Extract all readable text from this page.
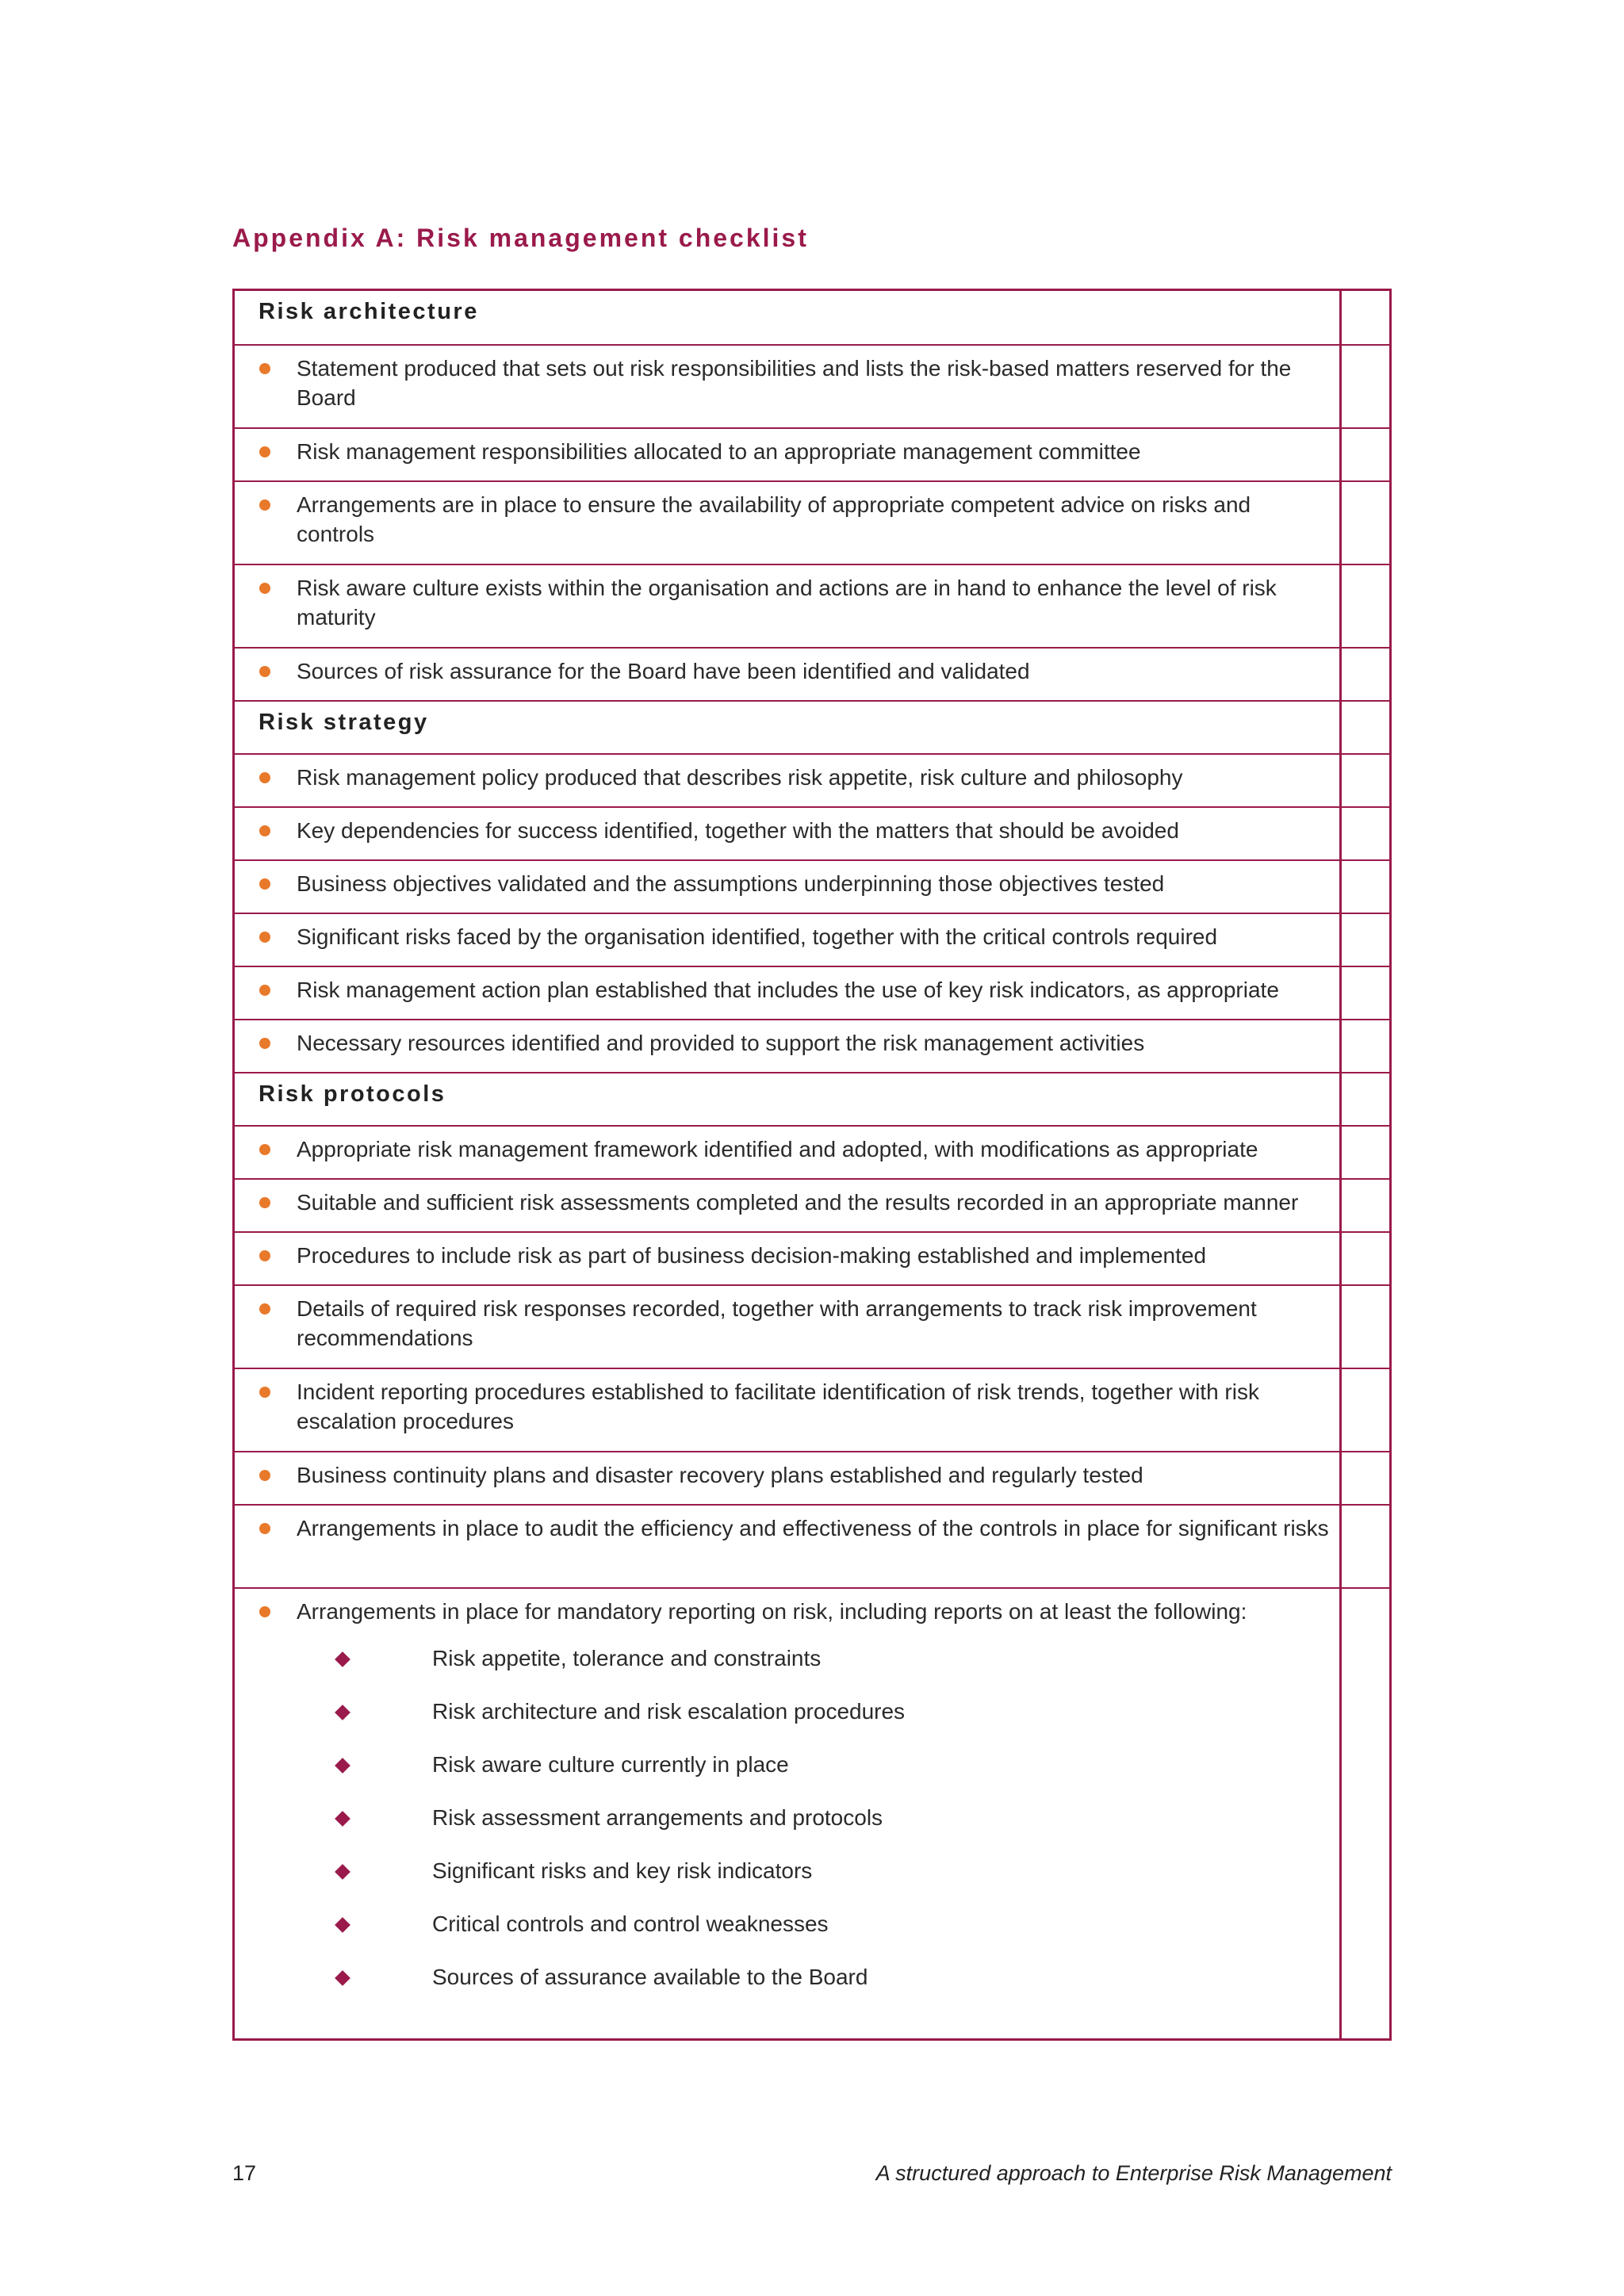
Appendix A: Risk management checklist
Risk architecture
Statement produced that sets out risk responsibilities and lists the risk-based matters reserved for the Board
Risk management responsibilities allocated to an appropriate management committee
Arrangements are in place to ensure the availability of appropriate competent advice on risks and controls
Risk aware culture exists within the organisation and actions are in hand to enhance the level of risk maturity
Sources of risk assurance for the Board have been identified and validated
Risk strategy
Risk management policy produced that describes risk appetite, risk culture and philosophy
Key dependencies for success identified, together with the matters that should be avoided
Business objectives validated and the assumptions underpinning those objectives tested
Significant risks faced by the organisation identified, together with the critical controls required
Risk management action plan established that includes the use of key risk indicators, as appropriate
Necessary resources identified and provided to support the risk management activities
Risk protocols
Appropriate risk management framework identified and adopted, with modifications as appropriate
Suitable and sufficient risk assessments completed and the results recorded in an appropriate manner
Procedures to include risk as part of business decision-making established and implemented
Details of required risk responses recorded, together with arrangements to track risk improvement recommendations
Incident reporting procedures established to facilitate identification of risk trends, together with risk escalation procedures
Business continuity plans and disaster recovery plans established and regularly tested
Arrangements in place to audit the efficiency and effectiveness of the controls in place for significant risks
Arrangements in place for mandatory reporting on risk, including reports on at least the following:
Risk appetite, tolerance and constraints
Risk architecture and risk escalation procedures
Risk aware culture currently in place
Risk assessment arrangements and protocols
Significant risks and key risk indicators
Critical controls and control weaknesses
Sources of assurance available to the Board
17	A structured approach to Enterprise Risk Management
